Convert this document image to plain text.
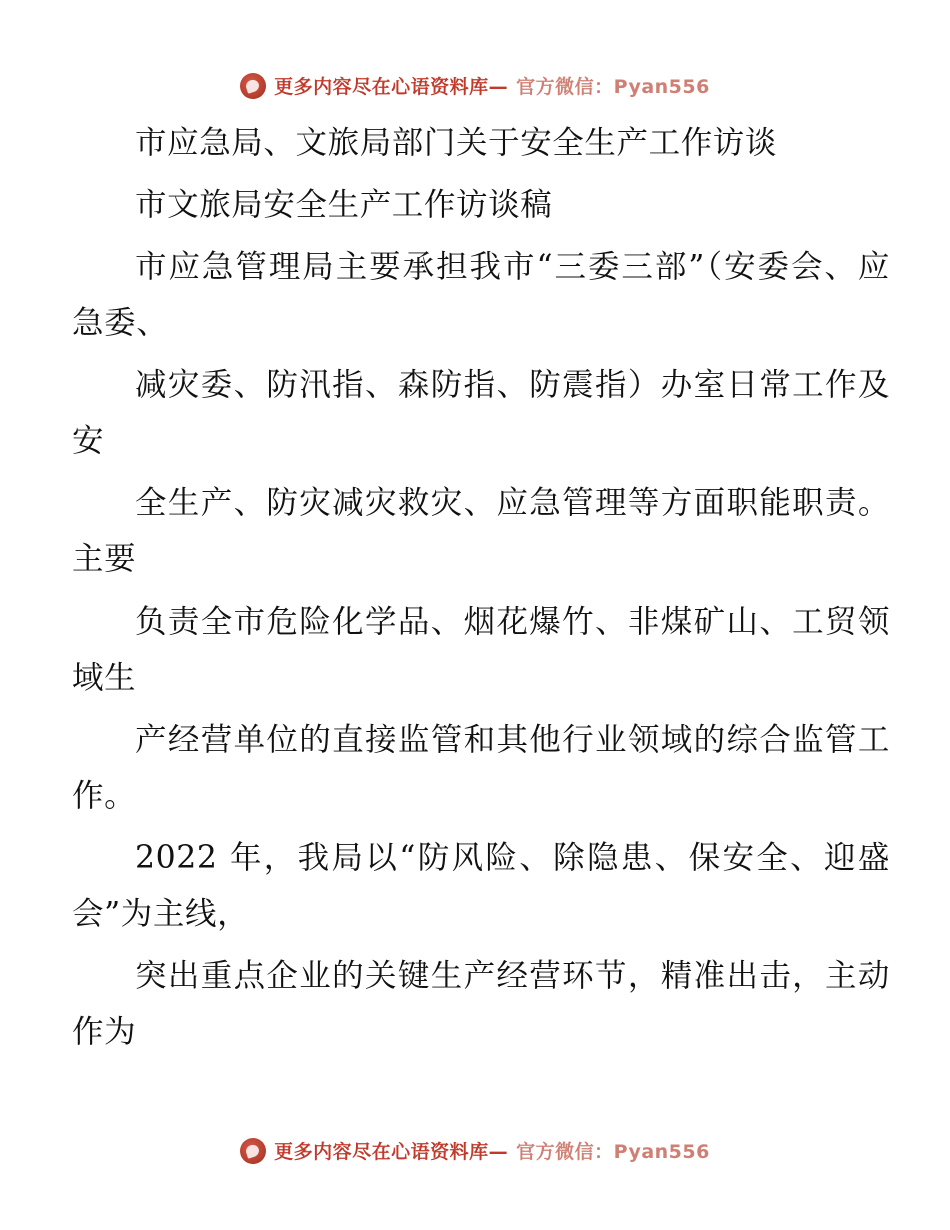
更多内容尽在心语资料库— 官方微信：Pyan556

市应急局、文旅局部门关于安全生产工作访谈

市文旅局安全生产工作访谈稿

市应急管理局主要承担我市“三委三部”（安委会、应急委、

减灾委、防汛指、森防指、防震指）办室日常工作及安

全生产、防灾减灾救灾、应急管理等方面职能职责。主要

负责全市危险化学品、烟花爆竹、非煤矿山、工贸领域生

产经营单位的直接监管和其他行业领域的综合监管工作。

2022 年，我局以“防风险、除隐患、保安全、迎盛会”为主线，

突出重点企业的关键生产经营环节，精准出击，主动作为

更多内容尽在心语资料库— 官方微信：Pyan556
